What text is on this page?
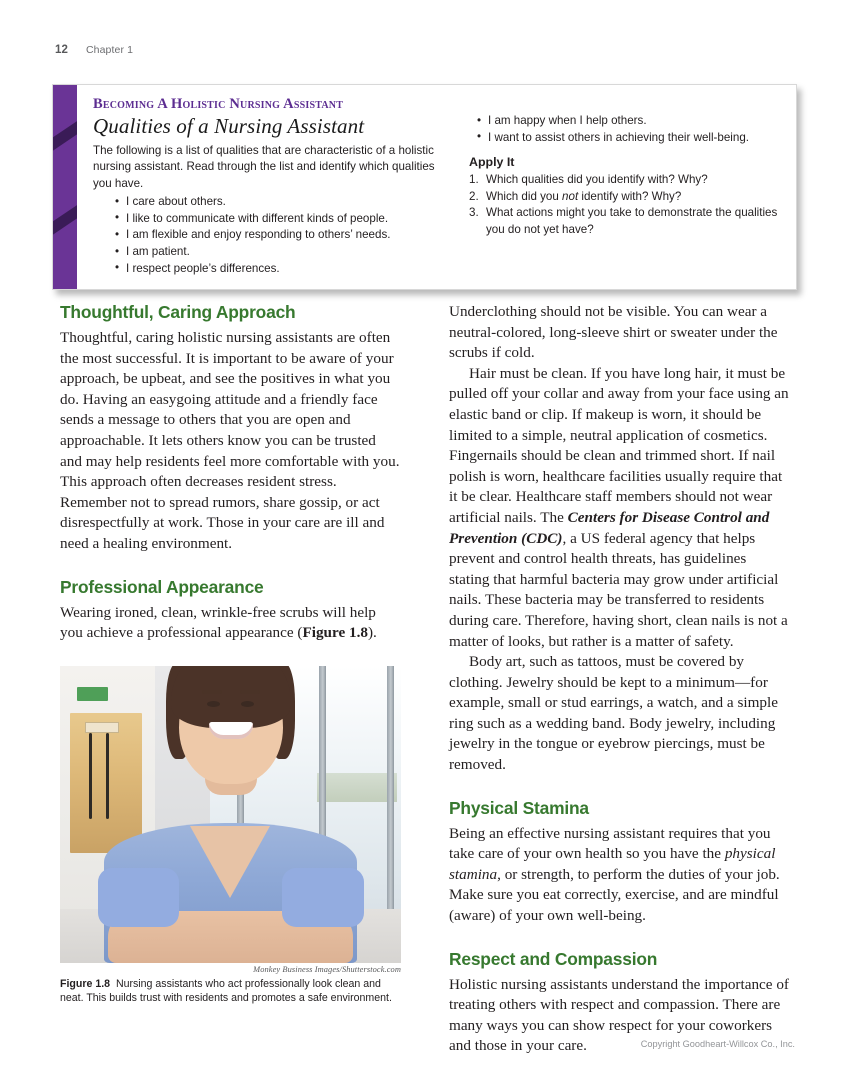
12 Chapter 1
Becoming A Holistic Nursing Assistant
Qualities of a Nursing Assistant

The following is a list of qualities that are characteristic of a holistic nursing assistant. Read through the list and identify which qualities you have.

• I care about others.
• I like to communicate with different kinds of people.
• I am flexible and enjoy responding to others’ needs.
• I am patient.
• I respect people’s differences.
• I am happy when I help others.
• I want to assist others in achieving their well-being.
Apply It
Which qualities did you identify with? Why?
Which did you not identify with? Why?
What actions might you take to demonstrate the qualities you do not yet have?
Thoughtful, Caring Approach

Thoughtful, caring holistic nursing assistants are often the most successful. It is important to be aware of your approach, be upbeat, and see the positives in what you do. Having an easygoing attitude and a friendly face sends a message to others that you are open and approachable. It lets others know you can be trusted and may help residents feel more comfortable with you. This approach often decreases resident stress. Remember not to spread rumors, share gossip, or act disrespectfully at work. Those in your care are ill and need a healing environment.

Professional Appearance

Wearing ironed, clean, wrinkle-free scrubs will help you achieve a professional appearance (Figure 1.8).

Monkey Business Images/Shutterstock.com

Figure 1.8 Nursing assistants who act professionally look clean and neat. This builds trust with residents and promotes a safe environment.

Underclothing should not be visible. You can wear a neutral-colored, long-sleeve shirt or sweater under the scrubs if cold.

Hair must be clean. If you have long hair, it must be pulled off your collar and away from your face using an elastic band or clip. If makeup is worn, it should be limited to a simple, neutral application of cosmetics. Fingernails should be clean and trimmed short. If nail polish is worn, healthcare facilities usually require that it be clear. Healthcare staff members should not wear artificial nails. The Centers for Disease Control and Prevention (CDC), a US federal agency that helps prevent and control health threats, has guidelines stating that harmful bacteria may grow under artificial nails. These bacteria may be transferred to residents during care. Therefore, having short, clean nails is not a matter of looks, but rather is a matter of safety.

Body art, such as tattoos, must be covered by clothing. Jewelry should be kept to a minimum—for example, small or stud earrings, a watch, and a simple ring such as a wedding band. Body jewelry, including jewelry in the tongue or eyebrow piercings, must be removed.

Physical Stamina

Being an effective nursing assistant requires that you take care of your own health so you have the physical stamina, or strength, to perform the duties of your job. Make sure you eat correctly, exercise, and are mindful (aware) of your own well-being.

Respect and Compassion

Holistic nursing assistants understand the importance of treating others with respect and compassion. There are many ways you can show respect for your coworkers and those in your care.	Copyright Goodheart-Willcox Co., Inc.
